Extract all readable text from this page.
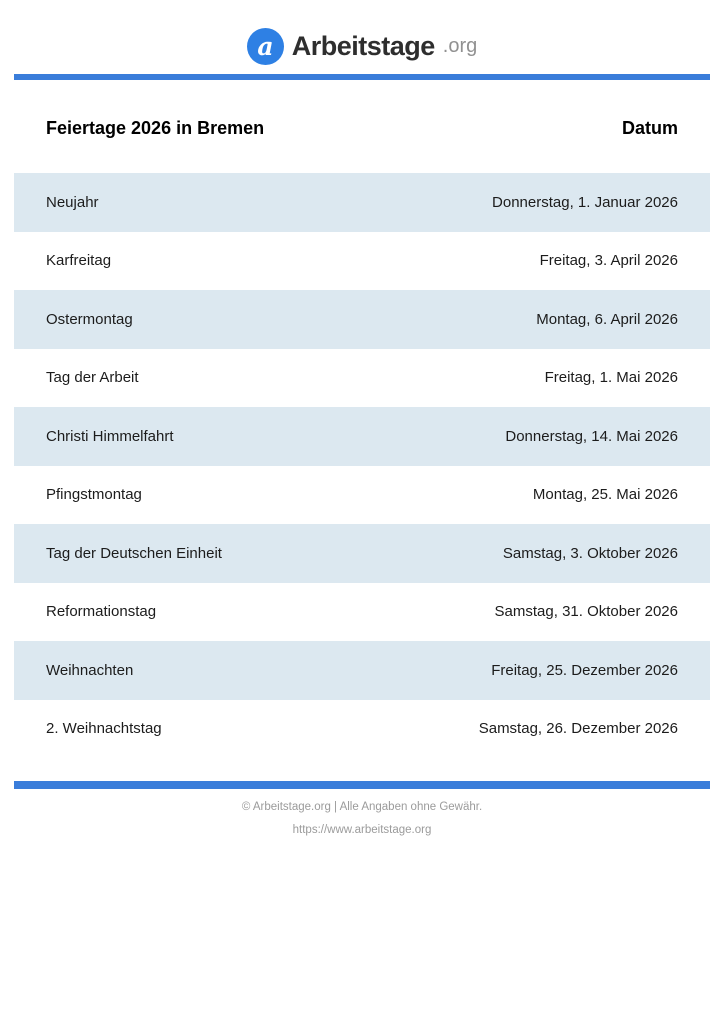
a Arbeitstage .org
Feiertage 2026 in Bremen	Datum
Neujahr	Donnerstag, 1. Januar 2026
Karfreitag	Freitag, 3. April 2026
Ostermontag	Montag, 6. April 2026
Tag der Arbeit	Freitag, 1. Mai 2026
Christi Himmelfahrt	Donnerstag, 14. Mai 2026
Pfingstmontag	Montag, 25. Mai 2026
Tag der Deutschen Einheit	Samstag, 3. Oktober 2026
Reformationstag	Samstag, 31. Oktober 2026
Weihnachten	Freitag, 25. Dezember 2026
2. Weihnachtstag	Samstag, 26. Dezember 2026
© Arbeitstage.org | Alle Angaben ohne Gewähr.
https://www.arbeitstage.org
